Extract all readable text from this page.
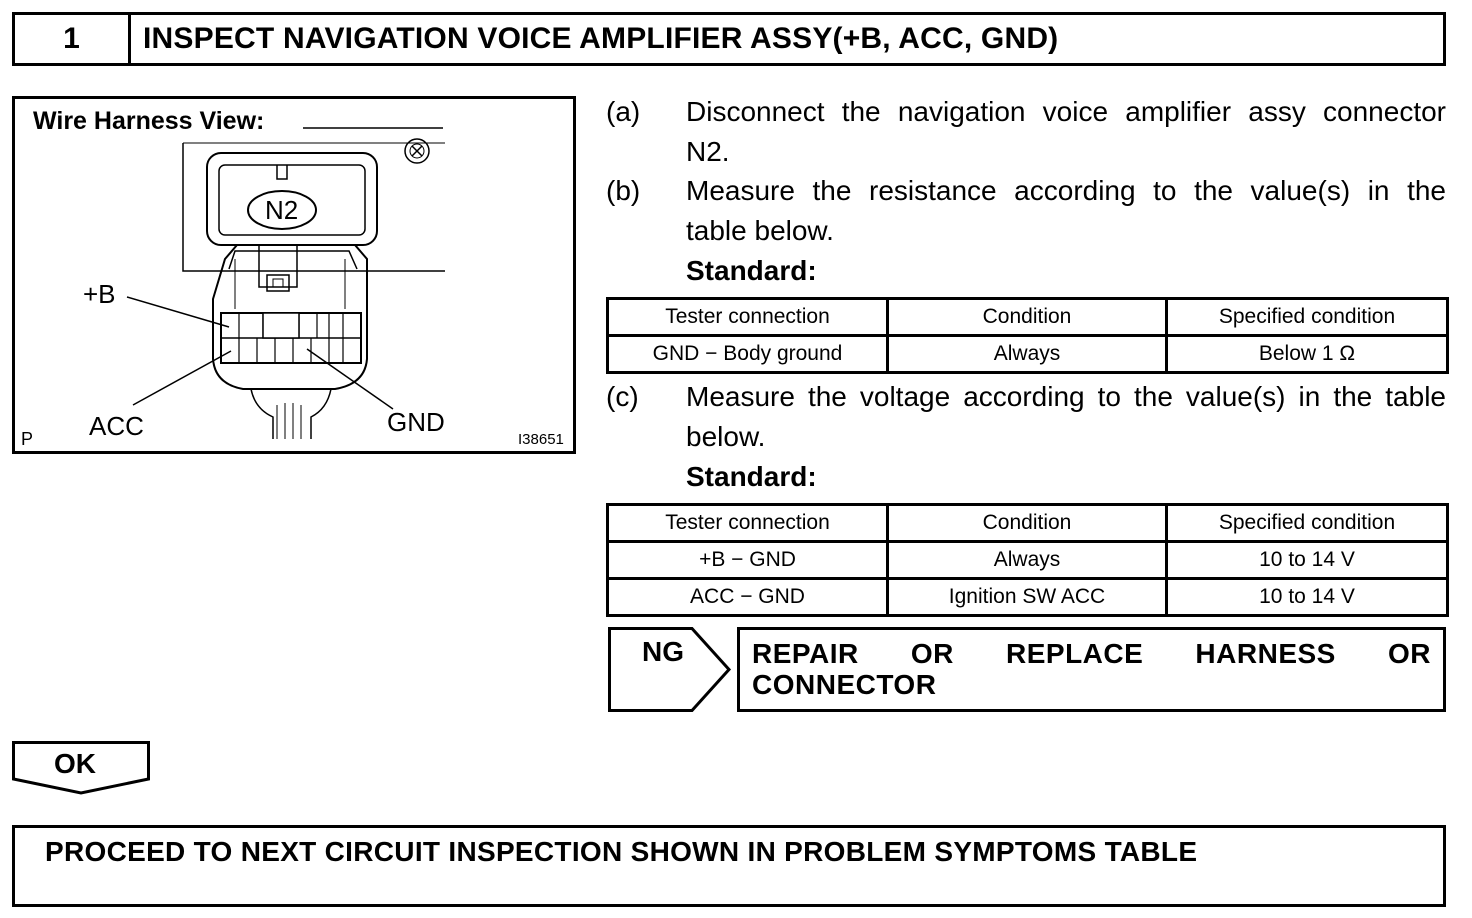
1	INSPECT NAVIGATION VOICE AMPLIFIER ASSY(+B, ACC, GND)
Wire Harness View:
N2
+B
ACC	GND
P	I38651
(a) Disconnect the navigation voice amplifier assy connector
N2.
(b) Measure the resistance according to the value(s) in the
table below.
Standard:
Tester connection	Condition	Specified condition
GND − Body ground	Always	Below 1 Ω
(c) Measure the voltage according to the value(s) in the table
below.
Standard:
Tester connection	Condition	Specified condition
+B − GND	Always	10 to 14 V
ACC − GND	Ignition SW ACC	10 to 14 V
NG REPAIR OR REPLACE HARNESS OR CONNECTOR
OK
PROCEED TO NEXT CIRCUIT INSPECTION SHOWN IN PROBLEM SYMPTOMS TABLE
